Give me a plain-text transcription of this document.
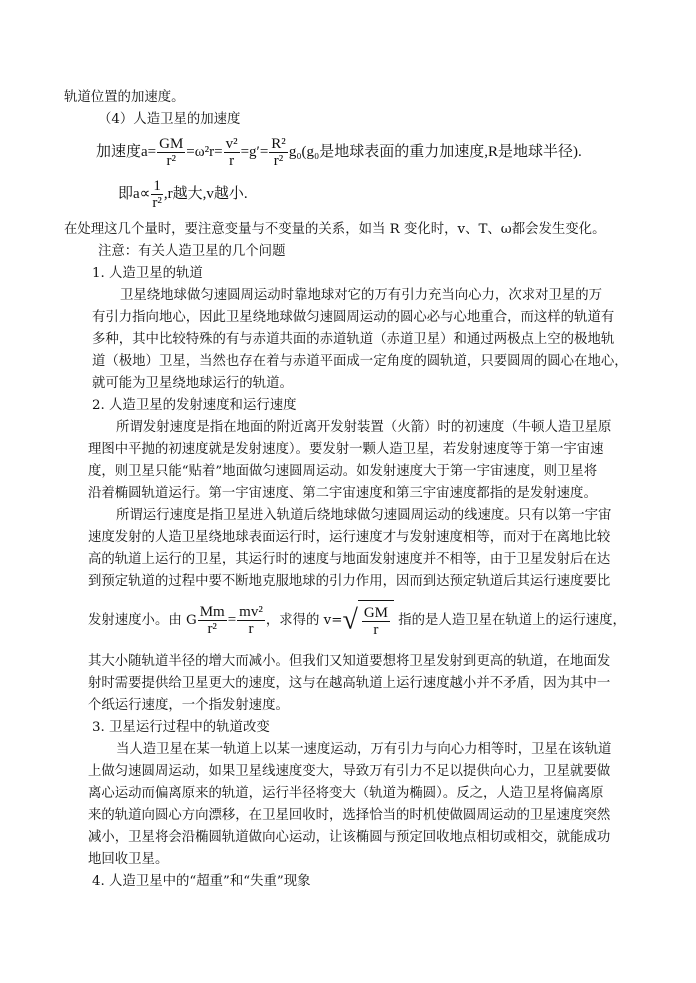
轨道位置的加速度。
（4）人造卫星的加速度
加速度$a= \frac{GM}{\text{r²}} =\omega^2r= \frac{\text{v²}}{r} =g'= \frac{\text{R²}}{\text{r²}} g_0(g_0$是地球表面的重力加速度,R是地球半径).
即$a\propto \frac{1}{\text{r²}} ,r$越大,v越小.
在处理这几个量时，要注意变量与不变量的关系，如当 R 变化时，v、T、ω都会发生变化。
注意：有关人造卫星的几个问题
1. 人造卫星的轨道
卫星绕地球做匀速圆周运动时靠地球对它的万有引力充当向心力，次求对卫星的万
有引力指向地心，因此卫星绕地球做匀速圆周运动的圆心必与心地重合，而这样的轨道有
多种，其中比较特殊的有与赤道共面的赤道轨道（赤道卫星）和通过两极点上空的极地轨
道（极地）卫星，当然也存在着与赤道平面成一定角度的圆轨道，只要圆周的圆心在地心，
就可能为卫星绕地球运行的轨道。
2. 人造卫星的发射速度和运行速度
所谓发射速度是指在地面的附近离开发射装置（火箭）时的初速度（牛顿人造卫星原
理图中平抛的初速度就是发射速度）。要发射一颗人造卫星，若发射速度等于第一宇宙速
度，则卫星只能“贴着”地面做匀速圆周运动。如发射速度大于第一宇宙速度，则卫星将
沿着椭圆轨道运行。第一宇宙速度、第二宇宙速度和第三宇宙速度都指的是发射速度。
所谓运行速度是指卫星进入轨道后绕地球做匀速圆周运动的线速度。只有以第一宇宙
速度发射的人造卫星绕地球表面运行时，运行速度才与发射速度相等，而对于在离地比较
高的轨道上运行的卫星，其运行时的速度与地面发射速度并不相等，由于卫星发射后在达
到预定轨道的过程中要不断地克服地球的引力作用，因而到达预定轨道后其运行速度要比
发射速度小。由 G $\frac{Mm}{\text{r²}} = \frac{\text{mv²}}{r}$ ，求得的 $v=√ \frac{GM}{r}$ 指的是人造卫星在轨道上的运行速度，
其大小随轨道半径的增大而减小。但我们又知道要想将卫星发射到更高的轨道，在地面发
射时需要提供给卫星更大的速度，这与在越高轨道上运行速度越小并不矛盾，因为其中一
个纸运行速度，一个指发射速度。
3. 卫星运行过程中的轨道改变
当人造卫星在某一轨道上以某一速度运动，万有引力与向心力相等时，卫星在该轨道
上做匀速圆周运动，如果卫星线速度变大，导致万有引力不足以提供向心力，卫星就要做
离心运动而偏离原来的轨道，运行半径将变大（轨道为椭圆）。反之，人造卫星将偏离原
来的轨道向圆心方向漂移，在卫星回收时，选择恰当的时机使做圆周运动的卫星速度突然
减小，卫星将会沿椭圆轨道做向心运动，让该椭圆与预定回收地点相切或相交，就能成功
地回收卫星。
4. 人造卫星中的“超重”和“失重”现象
